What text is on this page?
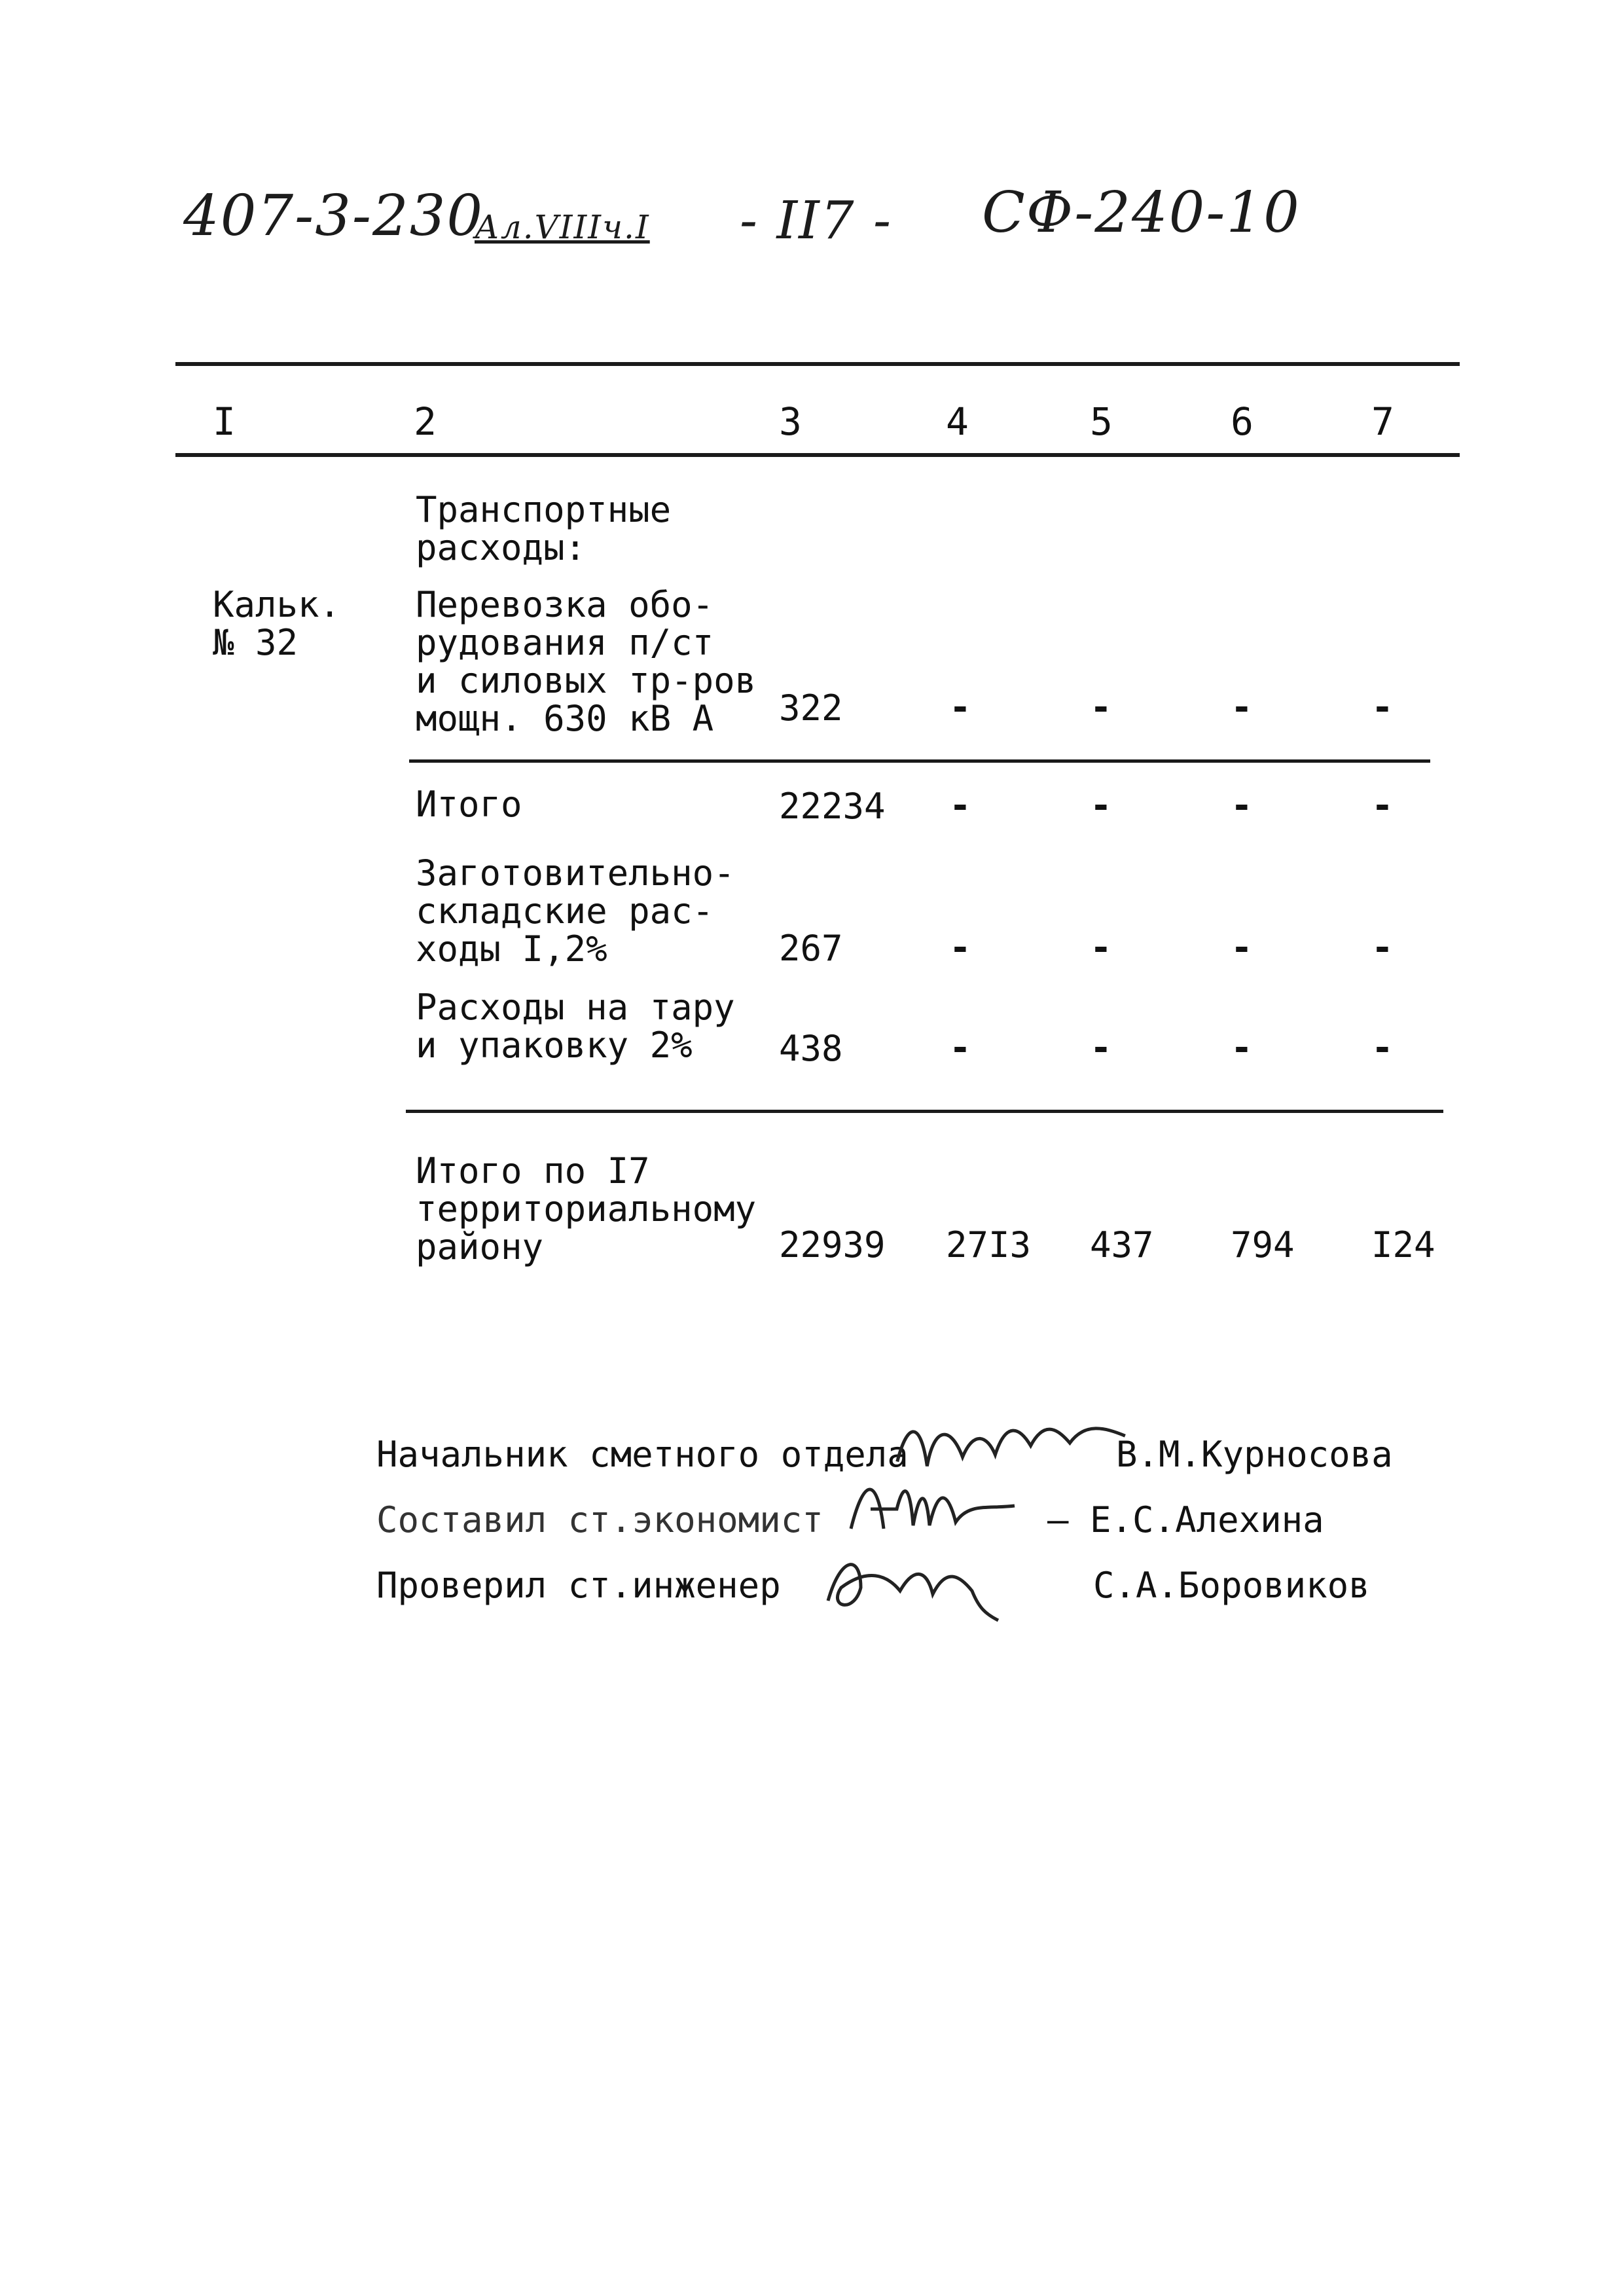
407-3-230
Ал.VIIIч.I - II7 - СФ-240-10
I	2	3	4	5	6	7
Транспортные
расходы:
Кальк.
№ 32
Перевозка обо-
рудования п/ст
и силовых тр-ров
мощн. 630 кВ А	322	-	-	-	-
Итого	22234 -	-	-	-
Заготовительно-
складские рас-
ходы I,2%	267	-	-	-	-
Расходы на тару
и упаковку 2%	438	-	-	-	-
Итого по I7
территориальному
району	22939 27I3 437 794 I24
Начальник сметного отдела	В.М.Курносова
Составил ст.экономист	– Е.С.Алехина
Проверил ст.инженер	С.А.Боровиков
